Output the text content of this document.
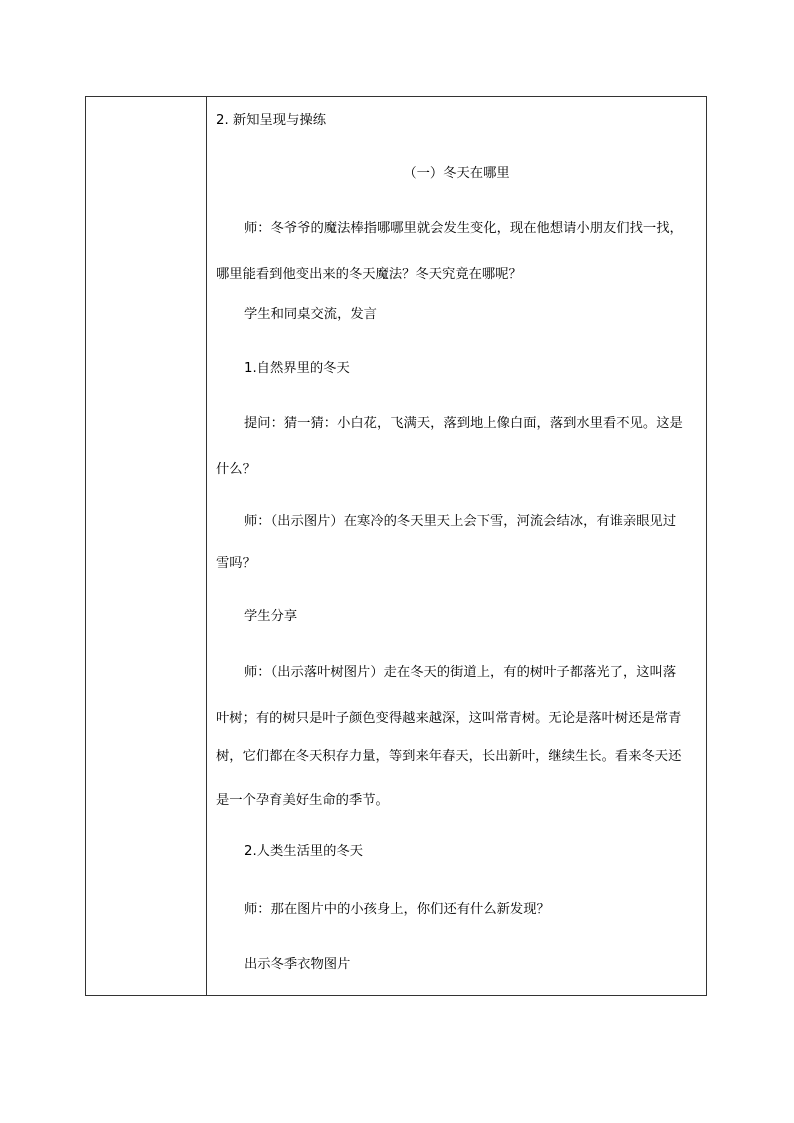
2. 新知呈现与操练
（一）冬天在哪里
师：冬爷爷的魔法棒指哪哪里就会发生变化，现在他想请小朋友们找一找，
哪里能看到他变出来的冬天魔法？冬天究竟在哪呢？
学生和同桌交流，发言
1.自然界里的冬天
提问：猜一猜：小白花，飞满天，落到地上像白面，落到水里看不见。这是
什么？
师：（出示图片）在寒冷的冬天里天上会下雪，河流会结冰，有谁亲眼见过
雪吗？
学生分享
师：（出示落叶树图片）走在冬天的街道上，有的树叶子都落光了，这叫落
叶树；有的树只是叶子颜色变得越来越深，这叫常青树。无论是落叶树还是常青
树，它们都在冬天积存力量，等到来年春天，长出新叶，继续生长。看来冬天还
是一个孕育美好生命的季节。
2.人类生活里的冬天
师：那在图片中的小孩身上，你们还有什么新发现？
出示冬季衣物图片
